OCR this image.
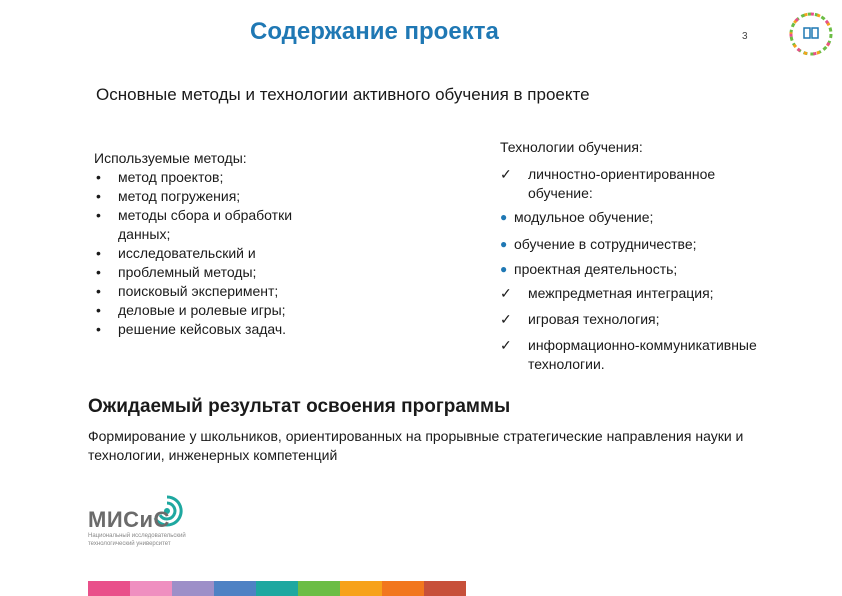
Содержание проекта	3
Основные методы и технологии активного обучения в проекте
Используемые методы:
• метод проектов;
• метод погружения;
• методы сбора и обработки данных;
• исследовательский и
• проблемный методы;
• поисковый эксперимент;
• деловые и ролевые игры;
• решение кейсовых задач.
Технологии обучения:
✓	личностно-ориентированное обучение:
● модульное обучение;
● обучение в сотрудничестве;
● проектная деятельность;
✓	межпредметная интеграция;
✓	игровая технология;
✓	информационно-коммуникативные технологии.
Ожидаемый результат освоения программы
Формирование у школьников, ориентированных на прорывные стратегические направления науки и технологии, инженерных компетенций
МИСиС
Национальный исследовательский
технологический университет
